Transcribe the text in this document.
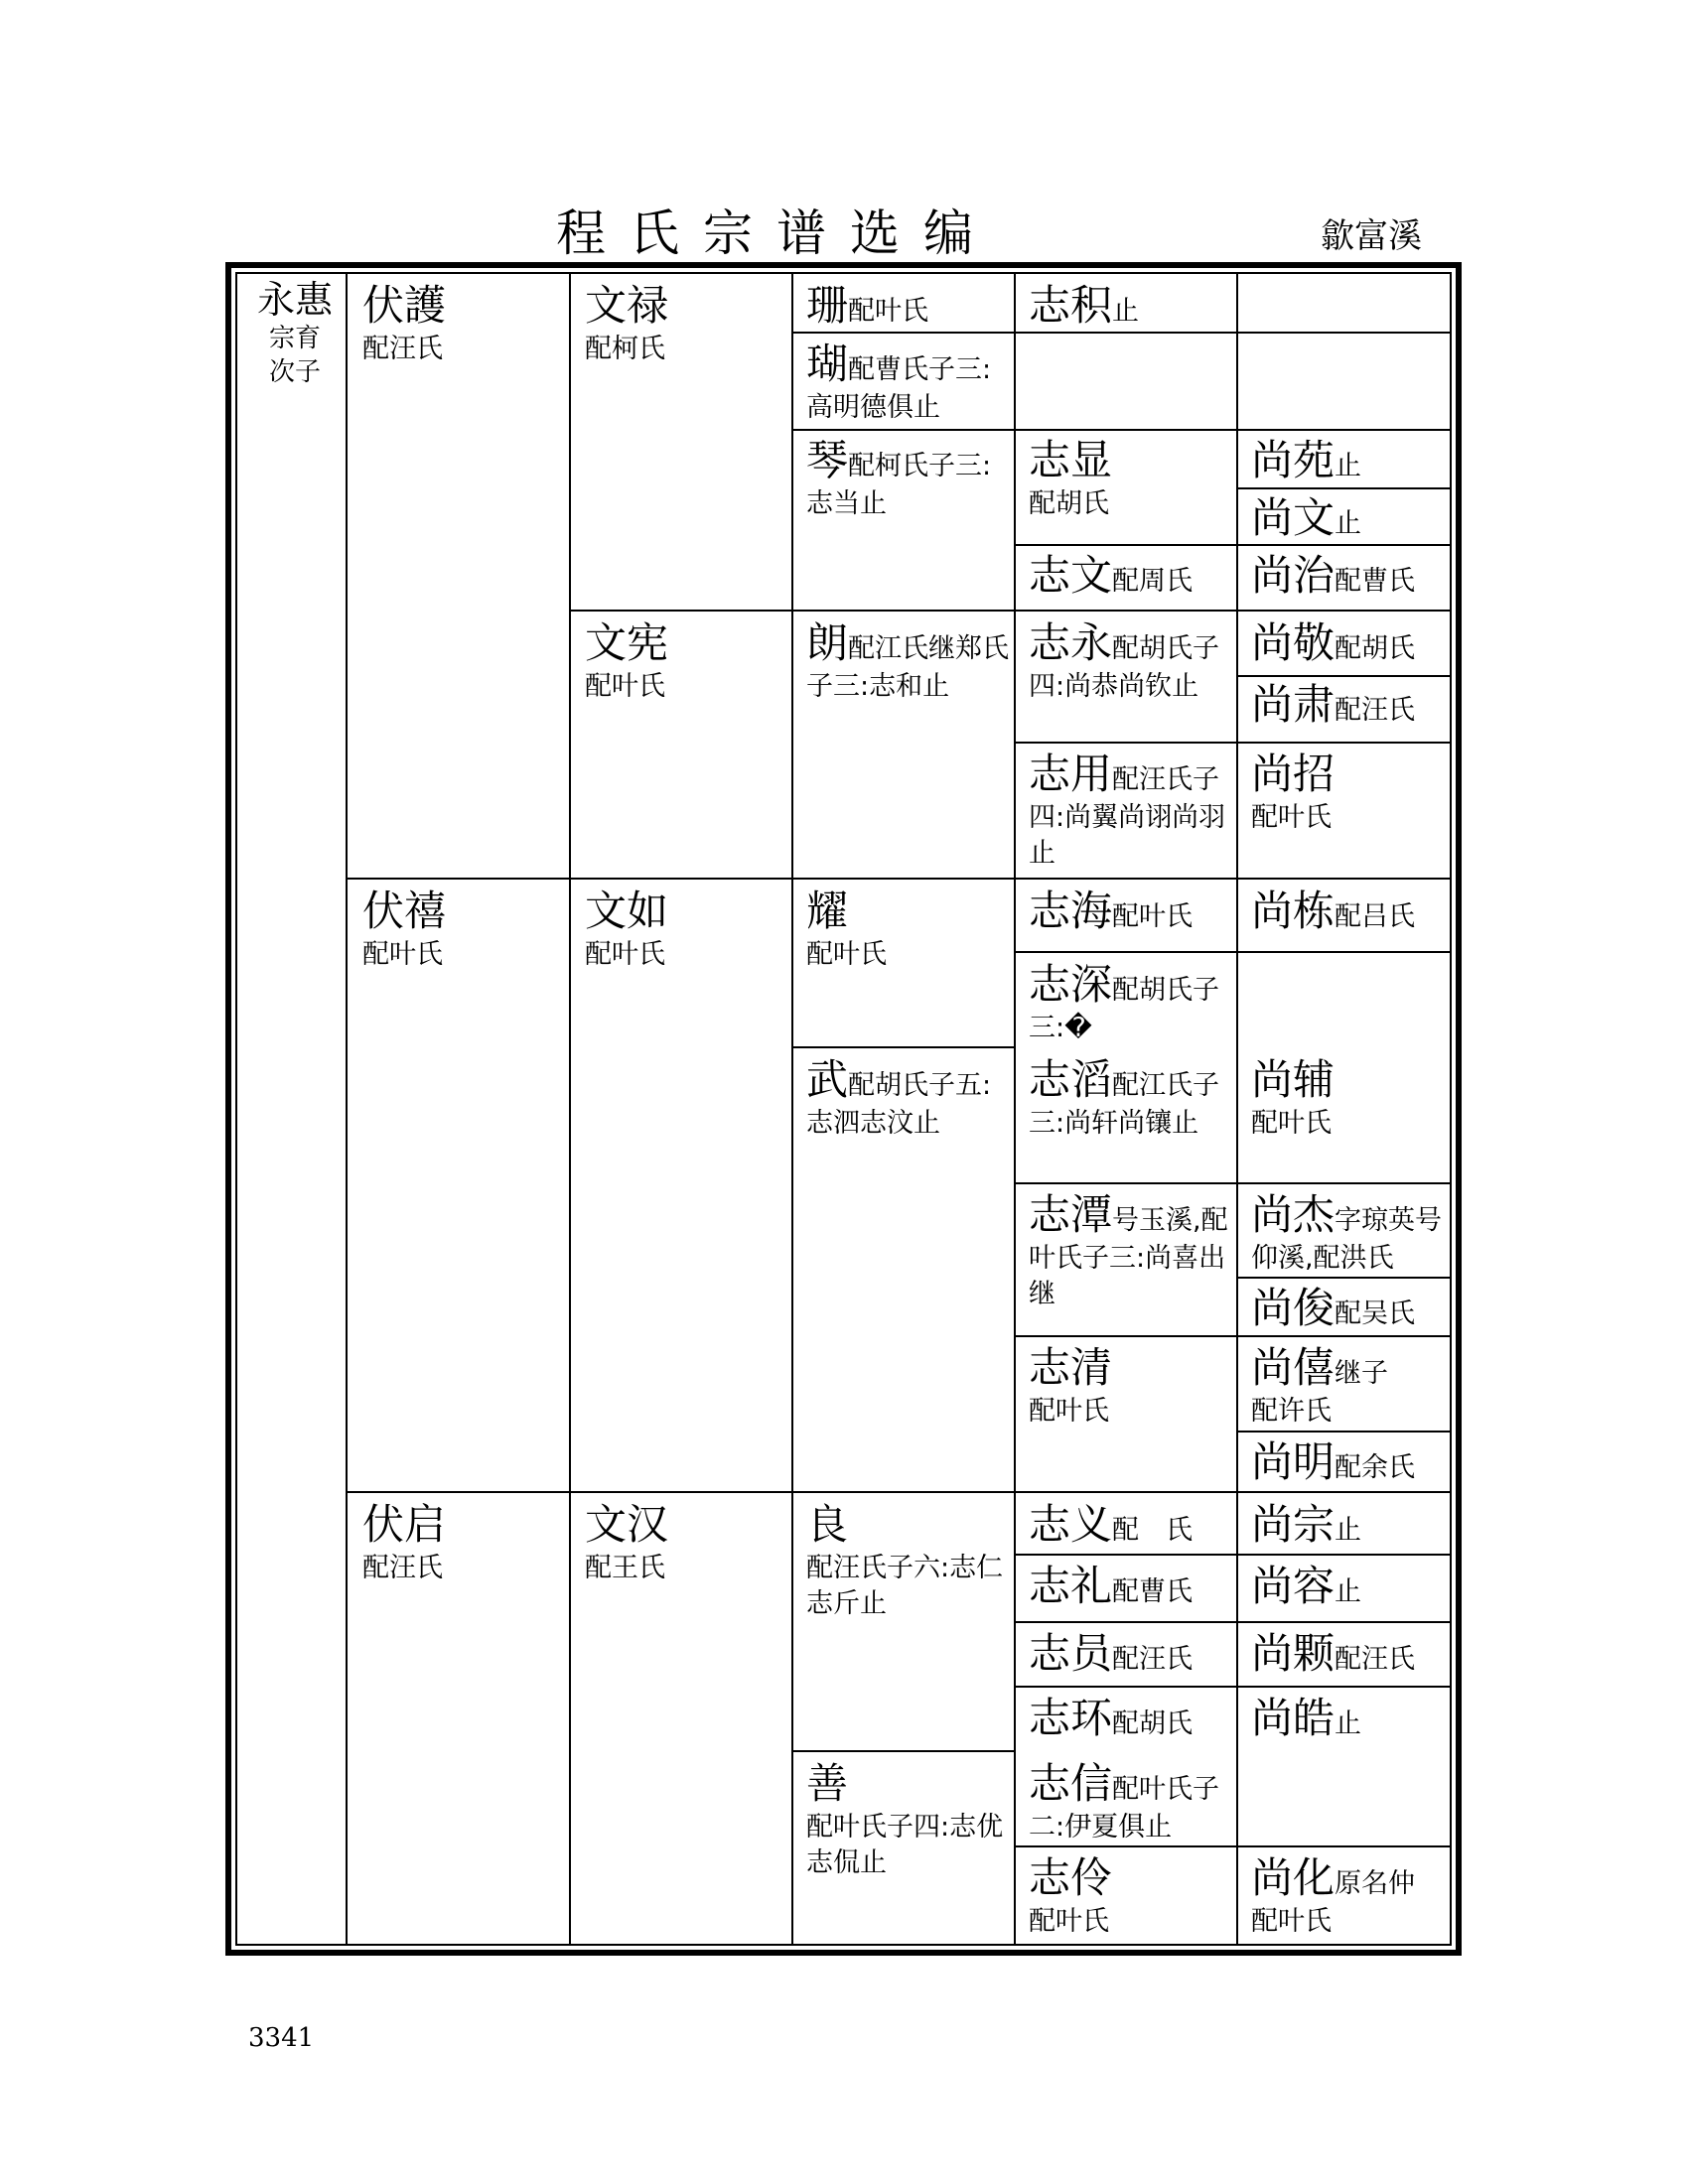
程氏宗谱选编	歙富溪
永惠
宗育
次子
伏護
配汪氏
伏禧
配叶氏
伏启
配汪氏
文禄
配柯氏
文宪
配叶氏
文如
配叶氏
文汉
配王氏
珊配叶氏
瑚配曹氏子三:高明德俱止
琴配柯氏子三:志当止
朗配江氏继郑氏子三:志和止
耀
配叶氏
武配胡氏子五:志泗志汶止
良
配汪氏子六:志仁志斤止
善
配叶氏子四:志优志侃止
志积止
志显
配胡氏
志文配周氏
志永配胡氏子四:尚恭尚钦止
志用配汪氏子四:尚翼尚诩尚羽止
志海配叶氏
志深配胡氏子三:�
志滔配江氏子三:尚轩尚镶止
志潭号玉溪,配叶氏子三:尚喜出继
志清
配叶氏
志义配　氏
志礼配曹氏
志员配汪氏
志环配胡氏
志信配叶氏子二:伊夏俱止
志伶
配叶氏
尚苑止
尚文止
尚治配曹氏
尚敬配胡氏
尚肃配汪氏
尚招
配叶氏
尚栋配吕氏
尚辅
配叶氏
尚杰字琼英号仰溪,配洪氏
尚俊配吴氏
尚僖继子
配许氏
尚明配余氏
尚宗止
尚容止
尚颗配汪氏
尚皓止
尚化原名仲
配叶氏
3341
